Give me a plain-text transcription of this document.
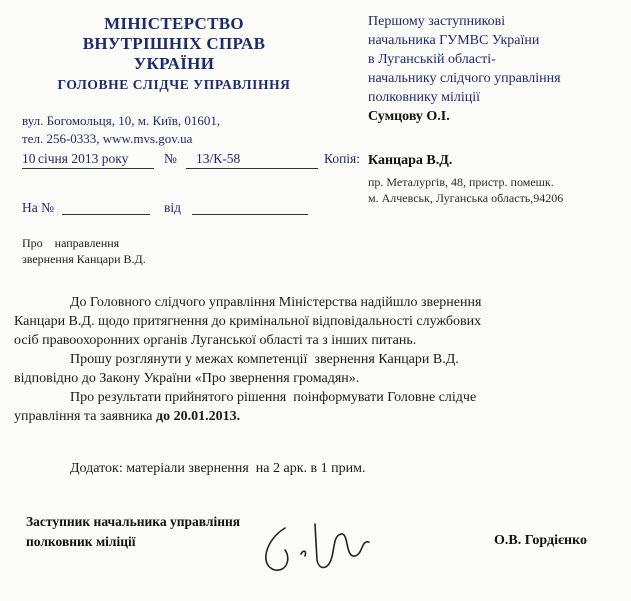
МІНІСТЕРСТВО
ВНУТРІШНІХ СПРАВ
УКРАЇНИ
ГОЛОВНЕ СЛІДЧЕ УПРАВЛІННЯ
вул. Богомольця, 10, м. Київ, 01601,
тел. 256-0333, www.mvs.gov.ua
Першому заступникові
начальника ГУМВС України
в Луганській області-
начальнику слідчого управління
полковнику міліції
Сумцову О.І.
10 січня 2013 року	№ 13/К-58	Копія: Канцара В.Д.
пр. Металургів, 48, пристр. помешк.
м. Алчевськ, Луганська область,94206
На №	від
Про    направлення
звернення Канцари В.Д.

До Головного слідчого управління Міністерства надійшло звернення

Канцари В.Д. щодо притягнення до кримінальної відповідальності службових

осіб правоохоронних органів Луганської області та з інших питань.

Прошу розглянути у межах компетенції  звернення Канцари В.Д.

відповідно до Закону України «Про звернення громадян».

Про результати прийнятого рішення  поінформувати Головне слідче

управління та заявника до 20.01.2013.

Додаток: матеріали звернення  на 2 арк. в 1 прим.
Заступник начальника управління
полковник міліції	О.В. Гордієнко
